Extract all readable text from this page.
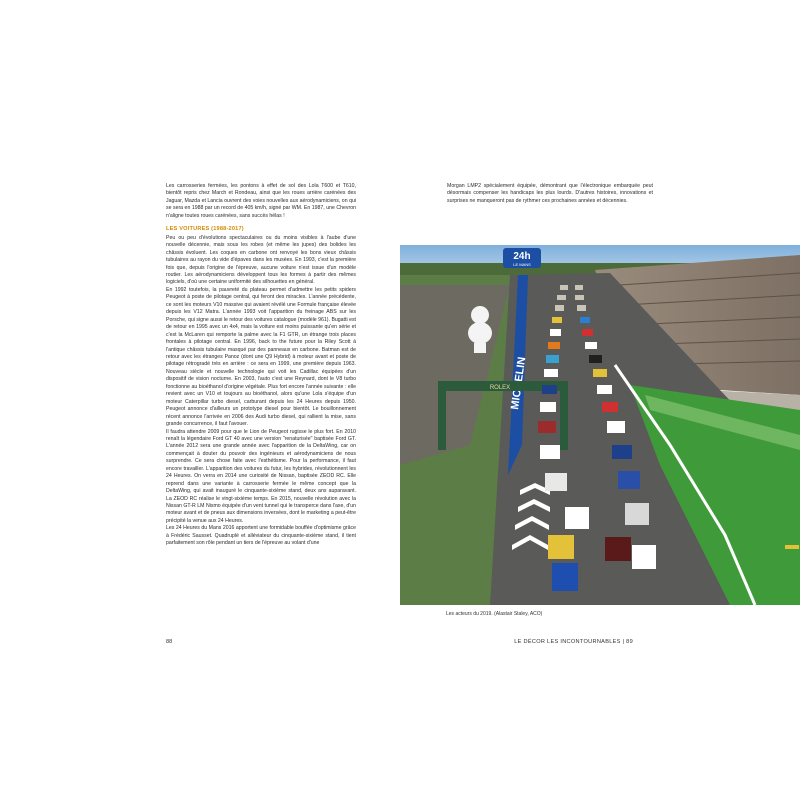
Les carrosseries fermées, les pontons à effet de sol des Lola T600 et T610, bientôt repris chez March et Rondeau, ainsi que les roues arrière carénées des Jaguar, Mazda et Lancia ouvrent des voies nouvelles aux aérodynamiciens, on qui se sera en 1988 par un record de 405 km/h, signé par WM. En 1987, une Chevron n'aligne toutes roues carénées, sans succès hélas !

LES VOITURES (1988-2017)

Peu ou peu d'évolutions spectaculaires ou du moins visibles à l'aube d'une nouvelle décennie, mais sous les robes (et même les jupes) des bolides les châssis évoluent. Les coques en carbone ont renvoyé les bons vieux châssis tubulaires au rayon du vide d'épaves dans les musées. En 1993, c'est la première fois que, depuis l'origine de l'épreuve, aucune voiture n'est issue d'un modèle routier. Les aérodynamiciens développent tous les formes à partir des mêmes logiciels, d'où une certaine uniformité des silhouettes en général.

En 1992 toutefois, la pauvreté du plateau permet d'admettre les petits spiders Peugeot à poste de pilotage central, qui feront des miracles. L'année précédente, ce sont les moteurs V10 massive qui avaient révélé une Formule française élevée depuis les V12 Matra. L'année 1993 voit l'apparition du freinage ABS sur les Porsche, qui signe aussi le retour des voitures catalogue (modèle 961). Bugatti est de retour en 1995 avec un 4x4, mais la voiture est moins puissante qu'en série et c'est la McLaren qui remporte la palme avec la F1 GTR, un étrange trois places frontales à pilotage central. En 1996, back to the future pour la Riley Scott à l'antique châssis tubulaire masqué par des panneaux en carbone. Batman est de retour avec les étranges Panoz (dont une Q9 Hybrid) à moteur avant et poste de pilotage rétrogradé très en arrière : ce sera en 1999, une première depuis 1963. Nouveau siècle et nouvelle technologie qui voit les Cadillac équipées d'un dispositif de vision nocturne. En 2003, l'auto c'est une Reynard, dont le V8 turbo fonctionne au bioéthanol d'origine végétale. Plus fort encore l'année suivante : elle revient avec un V10 et toujours au bioéthanol, alors qu'une Lola s'équipe d'un moteur Caterpillar turbo diesel, carburant depuis les 24 Heures depuis 1950. Peugeot annonce d'ailleurs un prototype diesel pour bientôt. Le bouillonnement récent annonce l'arrivée en 2006 des Audi turbo diesel, qui rallient la mise, sans grande concurrence, il faut l'avouer.

Il faudra attendre 2009 pour que le Lion de Peugeot rugisse le plus fort. En 2010 renaît la légendaire Ford GT 40 avec une version "renaturisée" baptisée Ford GT. L'année 2012 sera une grande année avec l'apparition de la DeltaWing, car on commençait à douter du pouvoir des ingénieurs et aérodynamiciens de nous surprendre. Ce sera chose faite avec l'esthétisme. Pour la performance, il faut encore travailler. L'apparition des voitures du futur, les hybrides, révolutionnent les 24 Heures. On verra en 2014 une curiosité de Nissan, baptisée ZEOD RC. Elle reprend dans une variante à carrosserie fermée le même concept que la DeltaWing, qui avait inauguré le cinquante-sixième stand, deux ans auparavant. La ZEOD RC réalise le vingt-sixième temps. En 2015, nouvelle révolution avec la Nissan GT-R LM Nismo équipée d'un vent tunnel qui le transperce dans l'axe, d'un moteur avant et de pneus aux dimensions inversées, dont le marketing a peut-être précipité la venue aux 24 Heures.

Les 24 Heures du Mans 2016 apportent une formidable bouffée d'optimisme grâce à Frédéric Sausset. Quadruplé et alléviateur du cinquante-sixième stand, il tient parfaitement son rôle pendant un tiers de l'épreuve au volant d'une

Morgan LMP2 spécialement équipée, démontrant que l'électronique embarquée peut désormais compenser les handicaps les plus lourds. D'autres histoires, innovations et surprises ne manqueront pas de rythmer ces prochaines années et décennies.

ROLEX
24h
LE MANS
Les acteurs du 2019. (Alastair Staley, ACO)
88	LE DÉCOR LES INCONTOURNABLES | 89
